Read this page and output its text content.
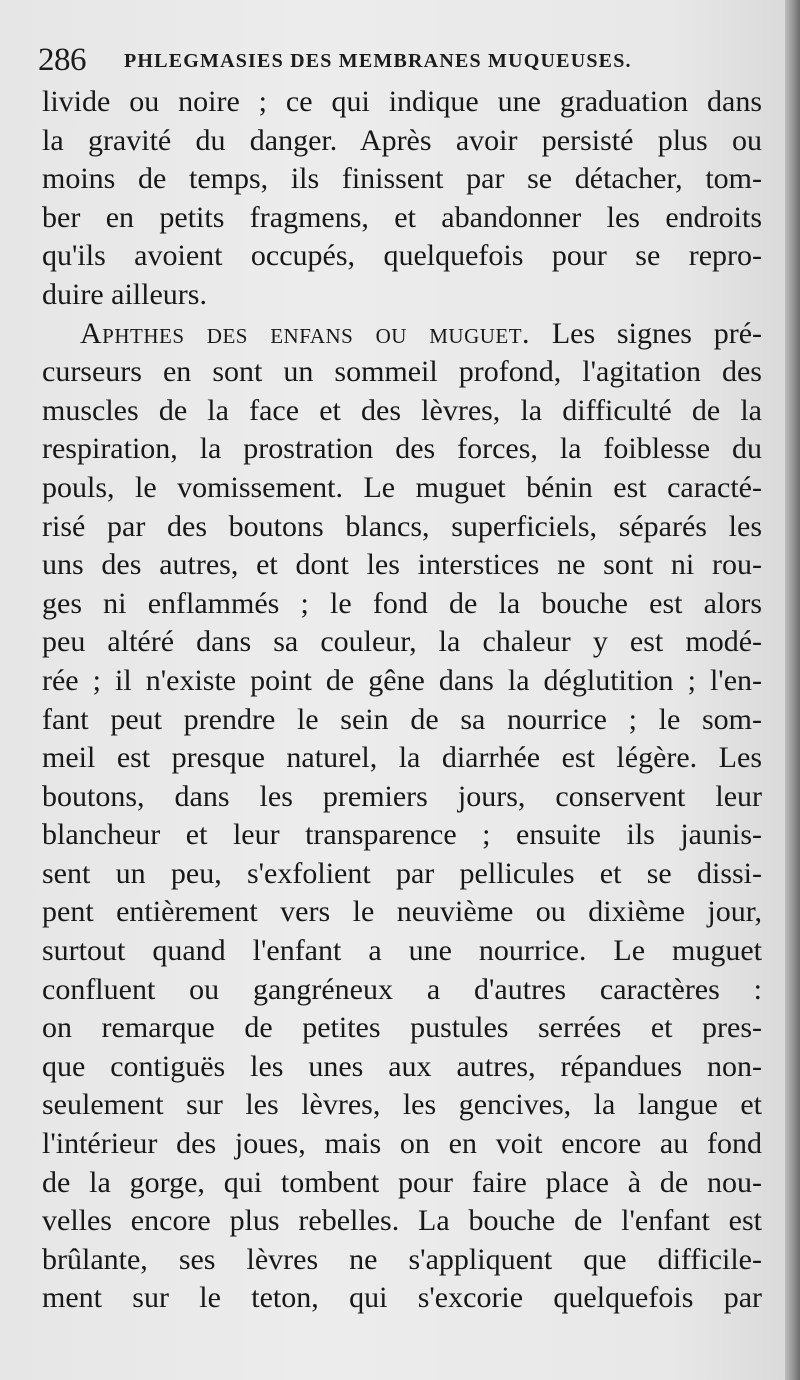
286 PHLEGMASIES DES MEMBRANES MUQUEUSES.
livide ou noire ; ce qui indique une graduation dans
la gravité du danger. Après avoir persisté plus ou
moins de temps, ils finissent par se détacher, tom-
ber en petits fragmens, et abandonner les endroits
qu'ils avoient occupés, quelquefois pour se repro-
duire ailleurs.
Aphthes des enfans ou muguet. Les signes pré-
curseurs en sont un sommeil profond, l'agitation des
muscles de la face et des lèvres, la difficulté de la
respiration, la prostration des forces, la foiblesse du
pouls, le vomissement. Le muguet bénin est caracté-
risé par des boutons blancs, superficiels, séparés les
uns des autres, et dont les interstices ne sont ni rou-
ges ni enflammés ; le fond de la bouche est alors
peu altéré dans sa couleur, la chaleur y est modé-
rée ; il n'existe point de gêne dans la déglutition ; l'en-
fant peut prendre le sein de sa nourrice ; le som-
meil est presque naturel, la diarrhée est légère. Les
boutons, dans les premiers jours, conservent leur
blancheur et leur transparence ; ensuite ils jaunis-
sent un peu, s'exfolient par pellicules et se dissi-
pent entièrement vers le neuvième ou dixième jour,
surtout quand l'enfant a une nourrice. Le muguet
confluent ou gangréneux a d'autres caractères :
on remarque de petites pustules serrées et pres-
que contiguës les unes aux autres, répandues non-
seulement sur les lèvres, les gencives, la langue et
l'intérieur des joues, mais on en voit encore au fond
de la gorge, qui tombent pour faire place à de nou-
velles encore plus rebelles. La bouche de l'enfant est
brûlante, ses lèvres ne s'appliquent que difficile-
ment sur le teton, qui s'excorie quelquefois par
